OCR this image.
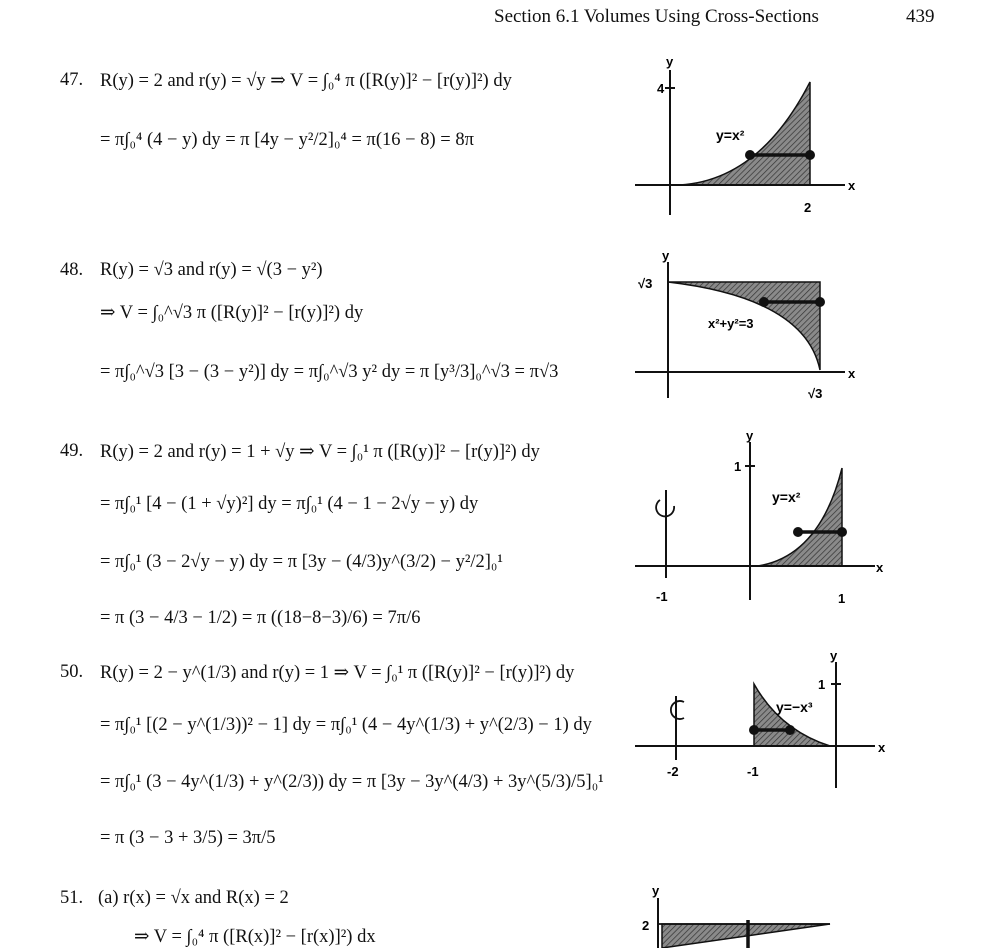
Section 6.1 Volumes Using Cross-Sections	439
47. R(y) = 2 and r(y) = √y ⇒ V = ∫₀⁴ π ([R(y)]² − [r(y)]²) dy
= π∫₀⁴ (4 − y) dy = π [4y − y²/2]₀⁴ = π(16 − 8) = 8π
y
4
x
2
y=x²
48. R(y) = √3 and r(y) = √(3 − y²)
⇒ V = ∫₀^√3 π ([R(y)]² − [r(y)]²) dy
= π∫₀^√3 [3 − (3 − y²)] dy = π∫₀^√3 y² dy = π [y³/3]₀^√3 = π√3
y
√3
x
√3
x²+y²=3
49. R(y) = 2 and r(y) = 1 + √y ⇒ V = ∫₀¹ π ([R(y)]² − [r(y)]²) dy
= π∫₀¹ [4 − (1 + √y)²] dy = π∫₀¹ (4 − 1 − 2√y − y) dy
= π∫₀¹ (3 − 2√y − y) dy = π [3y − (4/3)y^(3/2) − y²/2]₀¹
= π (3 − 4/3 − 1/2) = π ((18−8−3)/6) = 7π/6
y
1
x
-1	1
y=x²
50. R(y) = 2 − y^(1/3) and r(y) = 1 ⇒ V = ∫₀¹ π ([R(y)]² − [r(y)]²) dy
= π∫₀¹ [(2 − y^(1/3))² − 1] dy = π∫₀¹ (4 − 4y^(1/3) + y^(2/3) − 1) dy
= π∫₀¹ (3 − 4y^(1/3) + y^(2/3)) dy = π [3y − 3y^(4/3) + 3y^(5/3)/5]₀¹
= π (3 − 3 + 3/5) = 3π/5
y
1
x
-2	-1
y=−x³
51. (a) r(x) = √x and R(x) = 2
⇒ V = ∫₀⁴ π ([R(x)]² − [r(x)]²) dx
y
2
